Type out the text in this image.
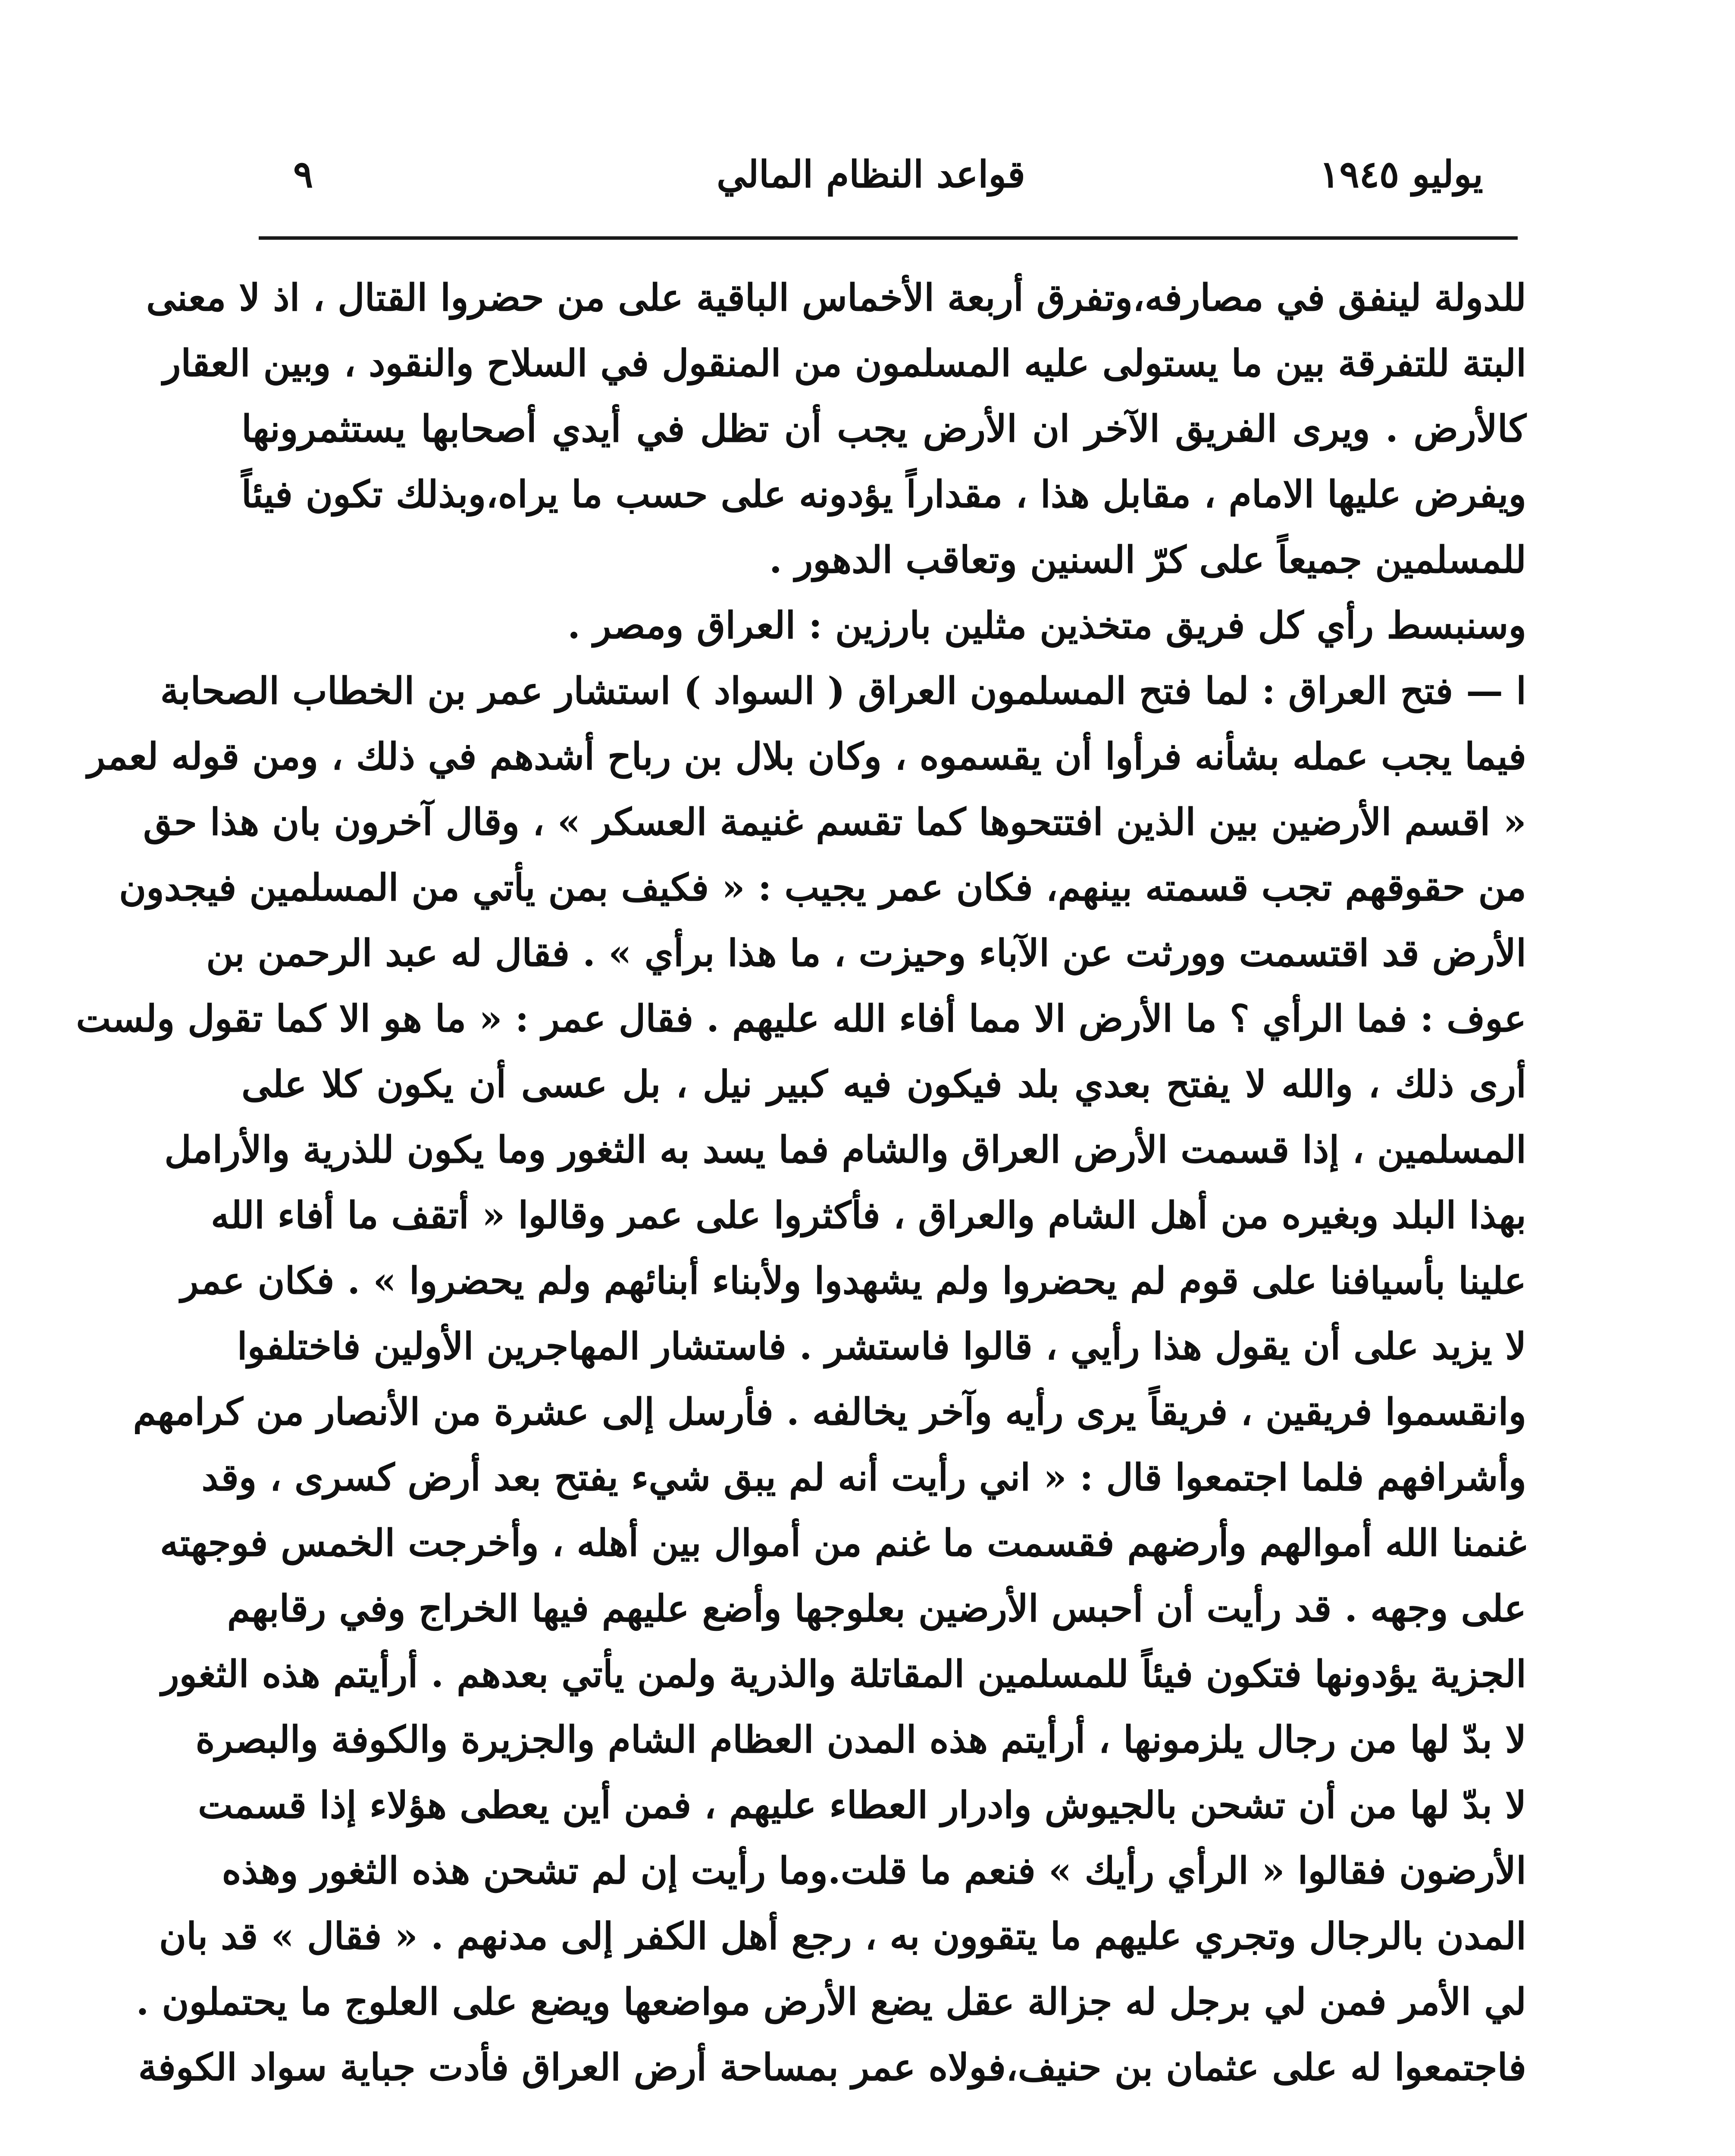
٩	قواعد النظام المالي	يوليو ١٩٤٥

للدولة لينفق في مصارفه،وتفرق أربعة الأخماس الباقية على من حضروا القتال ، اذ لا معنى

البتة للتفرقة بين ما يستولى عليه المسلمون من المنقول في السلاح والنقود ، وبين العقار

كالأرض . ويرى الفريق الآخر ان الأرض يجب أن تظل في أيدي أصحابها يستثمرونها

ويفرض عليها الامام ، مقابل هذا ، مقداراً يؤدونه على حسب ما يراه،وبذلك تكون فيئاً

للمسلمين جميعاً على كرّ السنين وتعاقب الدهور .

وسنبسط رأي كل فريق متخذين مثلين بارزين : العراق ومصر .

ا — فتح العراق : لما فتح المسلمون العراق ( السواد ) استشار عمر بن الخطاب الصحابة

فيما يجب عمله بشأنه فرأوا أن يقسموه ، وكان بلال بن رباح أشدهم في ذلك ، ومن قوله لعمر

« اقسم الأرضين بين الذين افتتحوها كما تقسم غنيمة العسكر » ، وقال آخرون بان هذا حق

من حقوقهم تجب قسمته بينهم، فكان عمر يجيب : « فكيف بمن يأتي من المسلمين فيجدون

الأرض قد اقتسمت وورثت عن الآباء وحيزت ، ما هذا برأي » . فقال له عبد الرحمن بن

عوف : فما الرأي ؟ ما الأرض الا مما أفاء الله عليهم . فقال عمر : « ما هو الا كما تقول ولست

أرى ذلك ، والله لا يفتح بعدي بلد فيكون فيه كبير نيل ، بل عسى أن يكون كلا على

المسلمين ، إذا قسمت الأرض العراق والشام فما يسد به الثغور وما يكون للذرية والأرامل

بهذا البلد وبغيره من أهل الشام والعراق ، فأكثروا على عمر وقالوا « أتقف ما أفاء الله

علينا بأسيافنا على قوم لم يحضروا ولم يشهدوا ولأبناء أبنائهم ولم يحضروا » . فكان عمر

لا يزيد على أن يقول هذا رأيي ، قالوا فاستشر . فاستشار المهاجرين الأولين فاختلفوا

وانقسموا فريقين ، فريقاً يرى رأيه وآخر يخالفه . فأرسل إلى عشرة من الأنصار من كرامهم

وأشرافهم فلما اجتمعوا قال : « اني رأيت أنه لم يبق شيء يفتح بعد أرض كسرى ، وقد

غنمنا الله أموالهم وأرضهم فقسمت ما غنم من أموال بين أهله ، وأخرجت الخمس فوجهته

على وجهه . قد رأيت أن أحبس الأرضين بعلوجها وأضع عليهم فيها الخراج وفي رقابهم

الجزية يؤدونها فتكون فيئاً للمسلمين المقاتلة والذرية ولمن يأتي بعدهم . أرأيتم هذه الثغور

لا بدّ لها من رجال يلزمونها ، أرأيتم هذه المدن العظام الشام والجزيرة والكوفة والبصرة

لا بدّ لها من أن تشحن بالجيوش وادرار العطاء عليهم ، فمن أين يعطى هؤلاء إذا قسمت

الأرضون فقالوا « الرأي رأيك » فنعم ما قلت.وما رأيت إن لم تشحن هذه الثغور وهذه

المدن بالرجال وتجري عليهم ما يتقوون به ، رجع أهل الكفر إلى مدنهم . « فقال » قد بان

لي الأمر فمن لي برجل له جزالة عقل يضع الأرض مواضعها ويضع على العلوج ما يحتملون .

فاجتمعوا له على عثمان بن حنيف،فولاه عمر بمساحة أرض العراق فأدت جباية سواد الكوفة
